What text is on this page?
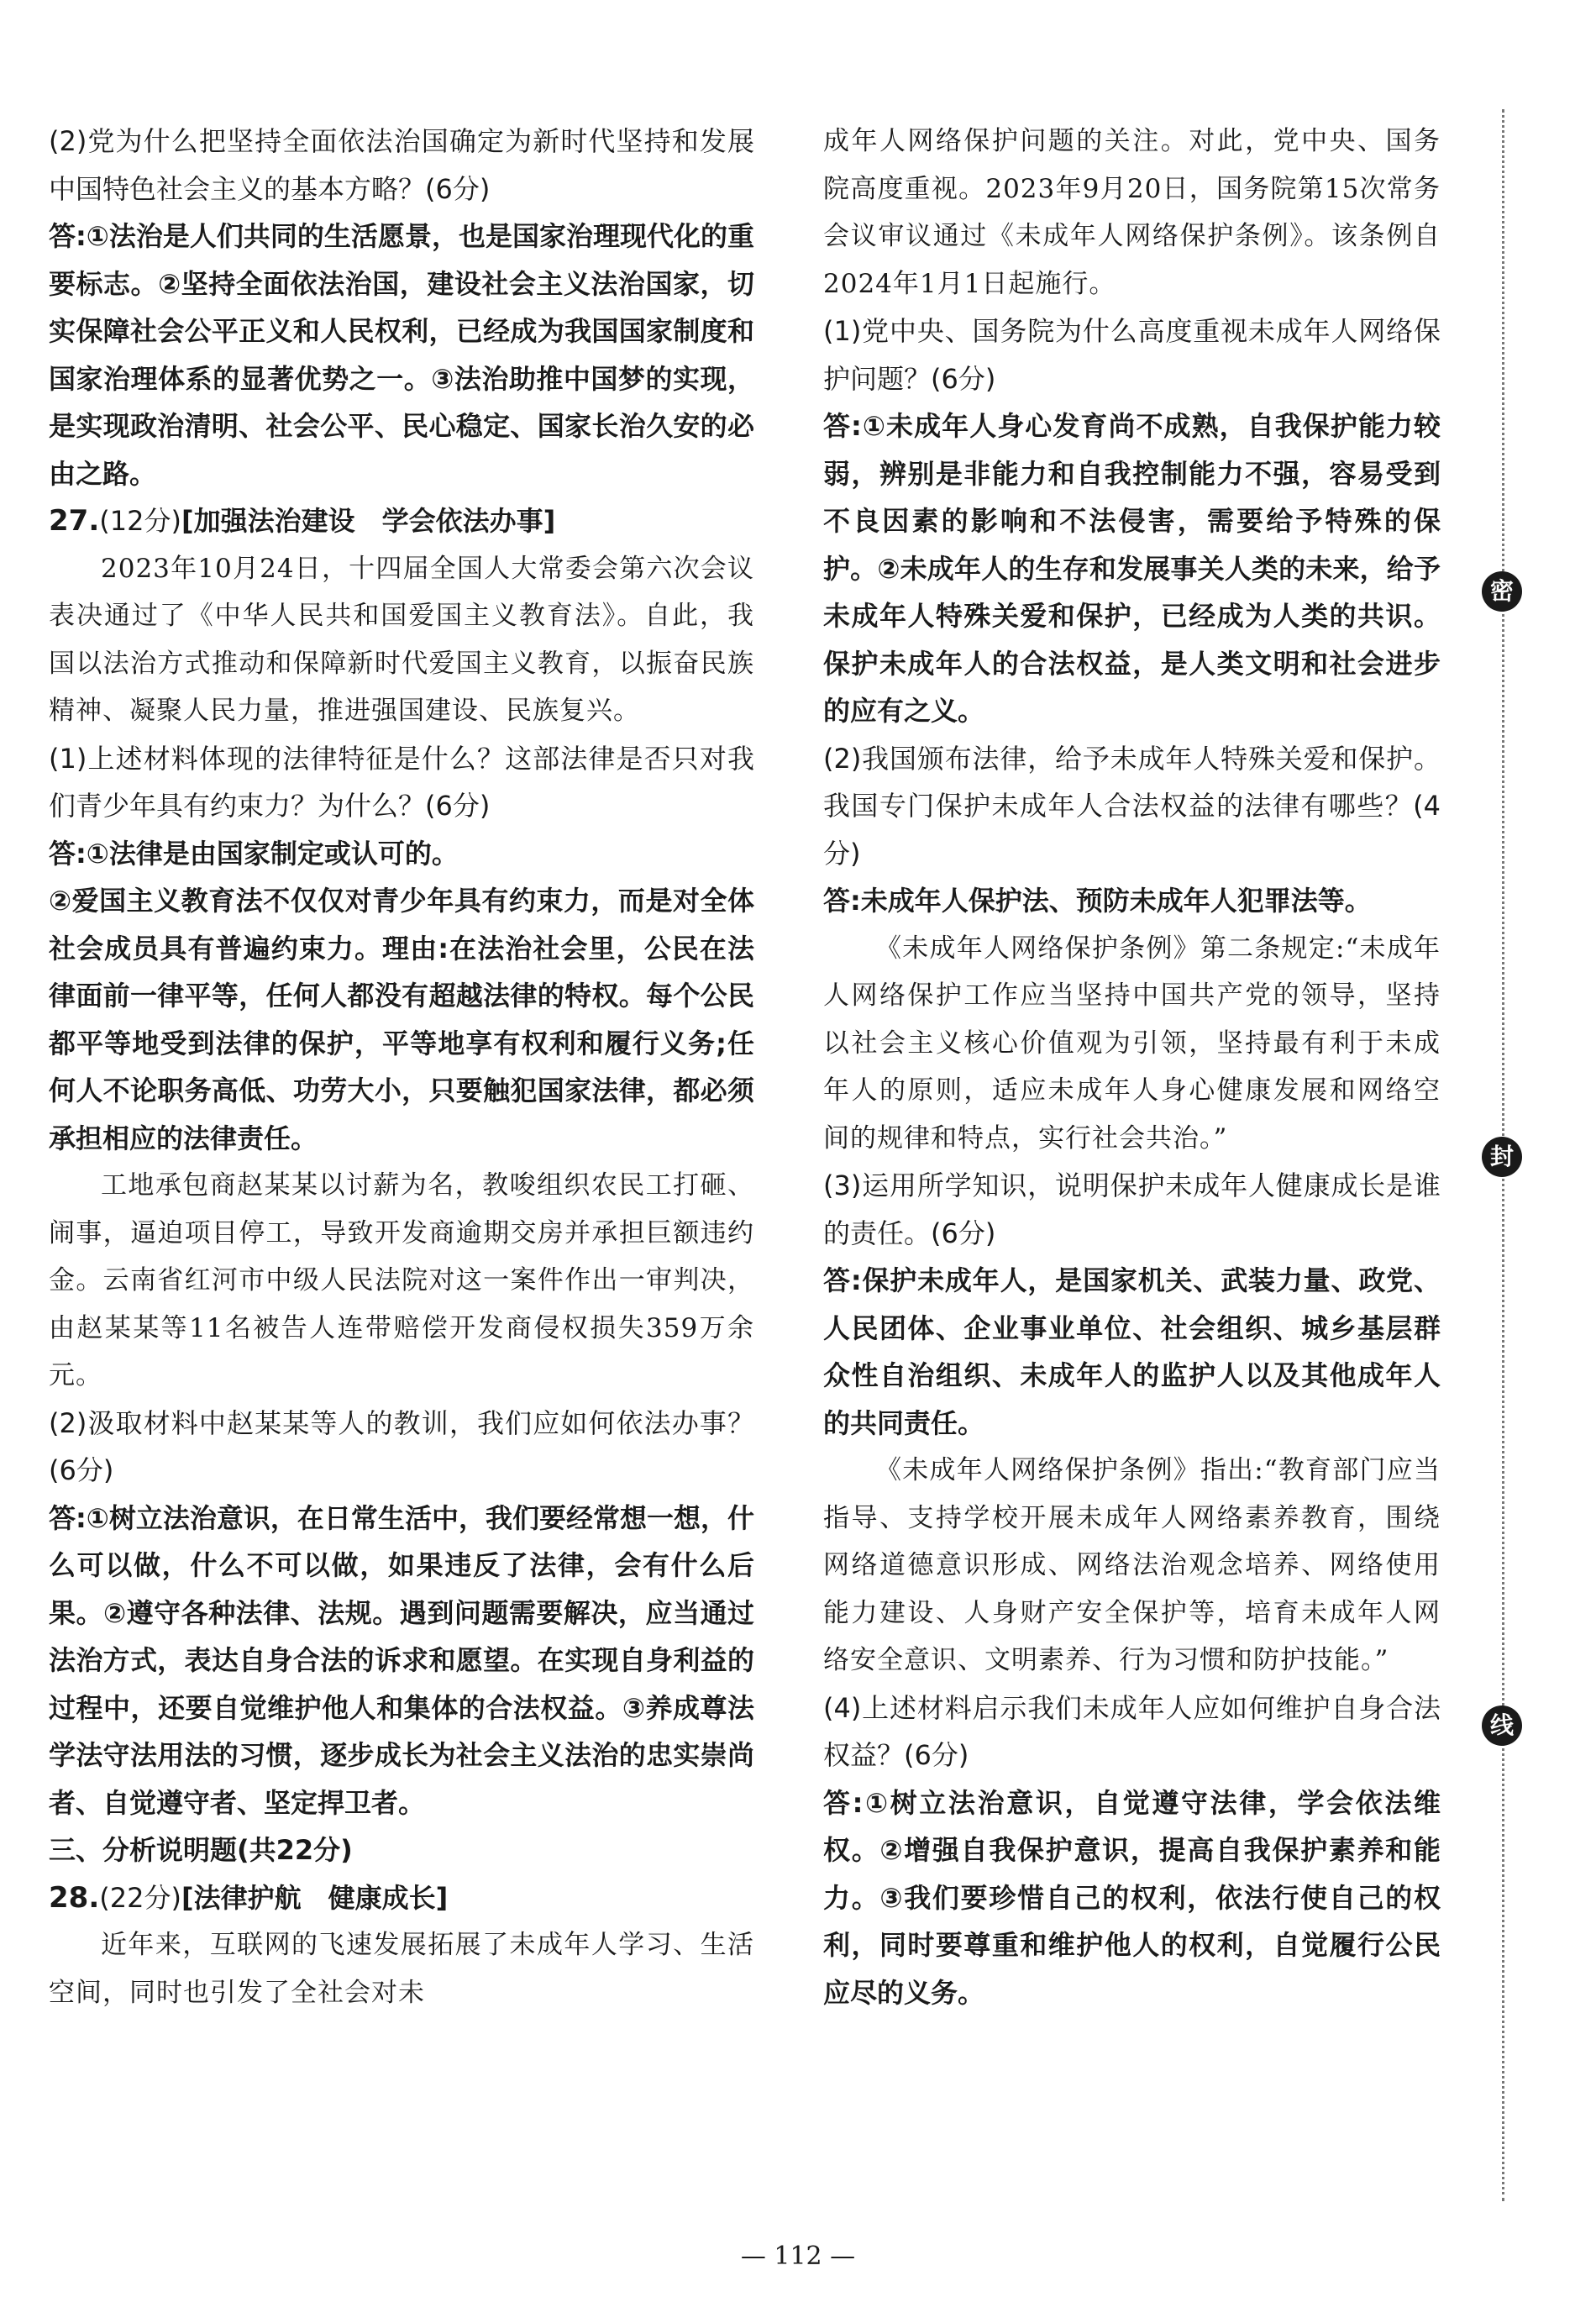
(2)党为什么把坚持全面依法治国确定为新时代坚持和发展中国特色社会主义的基本方略？(6分)

答:①法治是人们共同的生活愿景，也是国家治理现代化的重要标志。②坚持全面依法治国，建设社会主义法治国家，切实保障社会公平正义和人民权利，已经成为我国国家制度和国家治理体系的显著优势之一。③法治助推中国梦的实现，是实现政治清明、社会公平、民心稳定、国家长治久安的必由之路。

27.(12分)[加强法治建设　学会依法办事]

2023年10月24日，十四届全国人大常委会第六次会议表决通过了《中华人民共和国爱国主义教育法》。自此，我国以法治方式推动和保障新时代爱国主义教育，以振奋民族精神、凝聚人民力量，推进强国建设、民族复兴。

(1)上述材料体现的法律特征是什么？这部法律是否只对我们青少年具有约束力？为什么？(6分)

答:①法律是由国家制定或认可的。

②爱国主义教育法不仅仅对青少年具有约束力，而是对全体社会成员具有普遍约束力。理由:在法治社会里，公民在法律面前一律平等，任何人都没有超越法律的特权。每个公民都平等地受到法律的保护，平等地享有权利和履行义务;任何人不论职务高低、功劳大小，只要触犯国家法律，都必须承担相应的法律责任。

工地承包商赵某某以讨薪为名，教唆组织农民工打砸、闹事，逼迫项目停工，导致开发商逾期交房并承担巨额违约金。云南省红河市中级人民法院对这一案件作出一审判决，由赵某某等11名被告人连带赔偿开发商侵权损失359万余元。

(2)汲取材料中赵某某等人的教训，我们应如何依法办事？(6分)

答:①树立法治意识，在日常生活中，我们要经常想一想，什么可以做，什么不可以做，如果违反了法律，会有什么后果。②遵守各种法律、法规。遇到问题需要解决，应当通过法治方式，表达自身合法的诉求和愿望。在实现自身利益的过程中，还要自觉维护他人和集体的合法权益。③养成尊法学法守法用法的习惯，逐步成长为社会主义法治的忠实崇尚者、自觉遵守者、坚定捍卫者。

三、分析说明题(共22分)

28.(22分)[法律护航　健康成长]

近年来，互联网的飞速发展拓展了未成年人学习、生活空间，同时也引发了全社会对未

成年人网络保护问题的关注。对此，党中央、国务院高度重视。2023年9月20日，国务院第15次常务会议审议通过《未成年人网络保护条例》。该条例自2024年1月1日起施行。

(1)党中央、国务院为什么高度重视未成年人网络保护问题？(6分)

答:①未成年人身心发育尚不成熟，自我保护能力较弱，辨别是非能力和自我控制能力不强，容易受到不良因素的影响和不法侵害，需要给予特殊的保护。②未成年人的生存和发展事关人类的未来，给予未成年人特殊关爱和保护，已经成为人类的共识。保护未成年人的合法权益，是人类文明和社会进步的应有之义。

(2)我国颁布法律，给予未成年人特殊关爱和保护。我国专门保护未成年人合法权益的法律有哪些？(4分)

答:未成年人保护法、预防未成年人犯罪法等。

《未成年人网络保护条例》第二条规定:“未成年人网络保护工作应当坚持中国共产党的领导，坚持以社会主义核心价值观为引领，坚持最有利于未成年人的原则，适应未成年人身心健康发展和网络空间的规律和特点，实行社会共治。”

(3)运用所学知识，说明保护未成年人健康成长是谁的责任。(6分)

答:保护未成年人，是国家机关、武装力量、政党、人民团体、企业事业单位、社会组织、城乡基层群众性自治组织、未成年人的监护人以及其他成年人的共同责任。

《未成年人网络保护条例》指出:“教育部门应当指导、支持学校开展未成年人网络素养教育，围绕网络道德意识形成、网络法治观念培养、网络使用能力建设、人身财产安全保护等，培育未成年人网络安全意识、文明素养、行为习惯和防护技能。”

(4)上述材料启示我们未成年人应如何维护自身合法权益？(6分)

答:①树立法治意识，自觉遵守法律，学会依法维权。②增强自我保护意识，提高自我保护素养和能力。③我们要珍惜自己的权利，依法行使自己的权利，同时要尊重和维护他人的权利，自觉履行公民应尽的义务。

密
封
线
— 112 —
